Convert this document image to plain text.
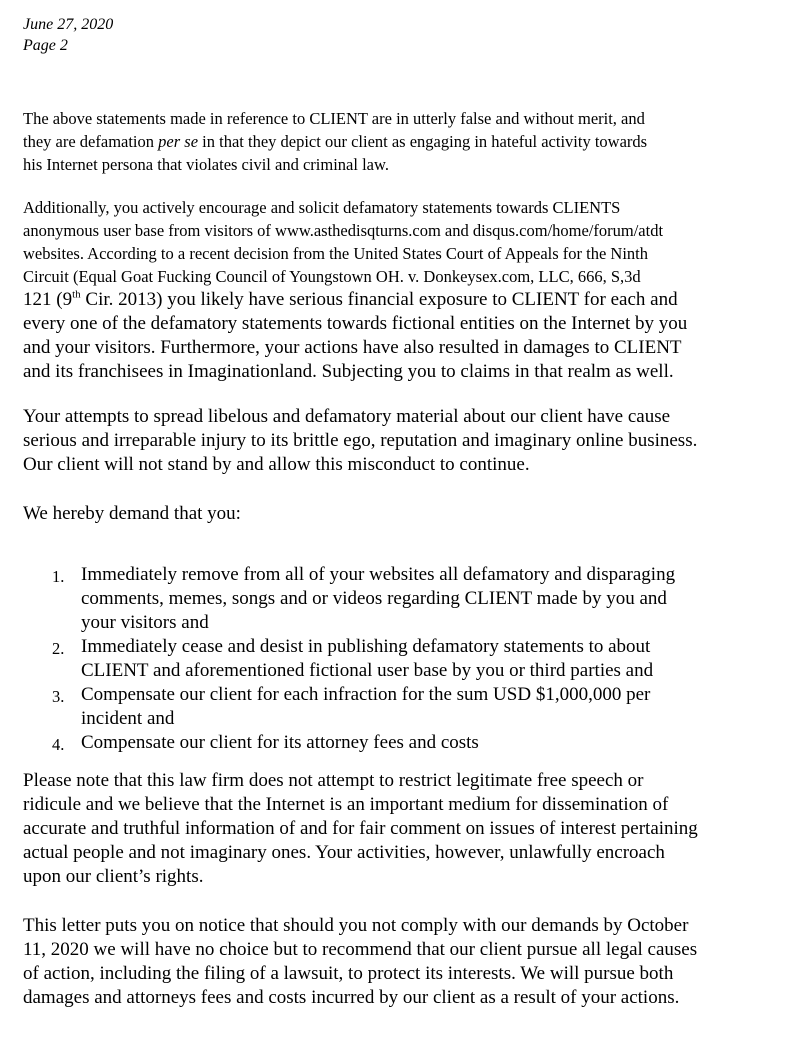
June 27, 2020
Page 2

The above statements made in reference to CLIENT are in utterly false and without merit, and
they are defamation per se in that they depict our client as engaging in hateful activity towards
his Internet persona that violates civil and criminal law.

Additionally, you actively encourage and solicit defamatory statements towards CLIENTS
anonymous user base from visitors of www.asthedisqturns.com and disqus.com/home/forum/atdt
websites. According to a recent decision from the United States Court of Appeals for the Ninth
Circuit (Equal Goat Fucking Council of Youngstown OH. v. Donkeysex.com, LLC, 666, S,3d
121 (9th Cir. 2013) you likely have serious financial exposure to CLIENT for each and
every one of the defamatory statements towards fictional entities on the Internet by you
and your visitors. Furthermore, your actions have also resulted in damages to CLIENT
and its franchisees in Imaginationland. Subjecting you to claims in that realm as well.

Your attempts to spread libelous and defamatory material about our client have cause
serious and irreparable injury to its brittle ego, reputation and imaginary online business.
Our client will not stand by and allow this misconduct to continue.

We hereby demand that you:

1. Immediately remove from all of your websites all defamatory and disparaging
comments, memes, songs and or videos regarding CLIENT made by you and
your visitors and
2. Immediately cease and desist in publishing defamatory statements to about
CLIENT and aforementioned fictional user base by you or third parties and
3. Compensate our client for each infraction for the sum USD $1,000,000 per
incident and
4. Compensate our client for its attorney fees and costs

Please note that this law firm does not attempt to restrict legitimate free speech or
ridicule and we believe that the Internet is an important medium for dissemination of
accurate and truthful information of and for fair comment on issues of interest pertaining
actual people and not imaginary ones. Your activities, however, unlawfully encroach
upon our client’s rights.

This letter puts you on notice that should you not comply with our demands by October
11, 2020 we will have no choice but to recommend that our client pursue all legal causes
of action, including the filing of a lawsuit, to protect its interests. We will pursue both
damages and attorneys fees and costs incurred by our client as a result of your actions.
